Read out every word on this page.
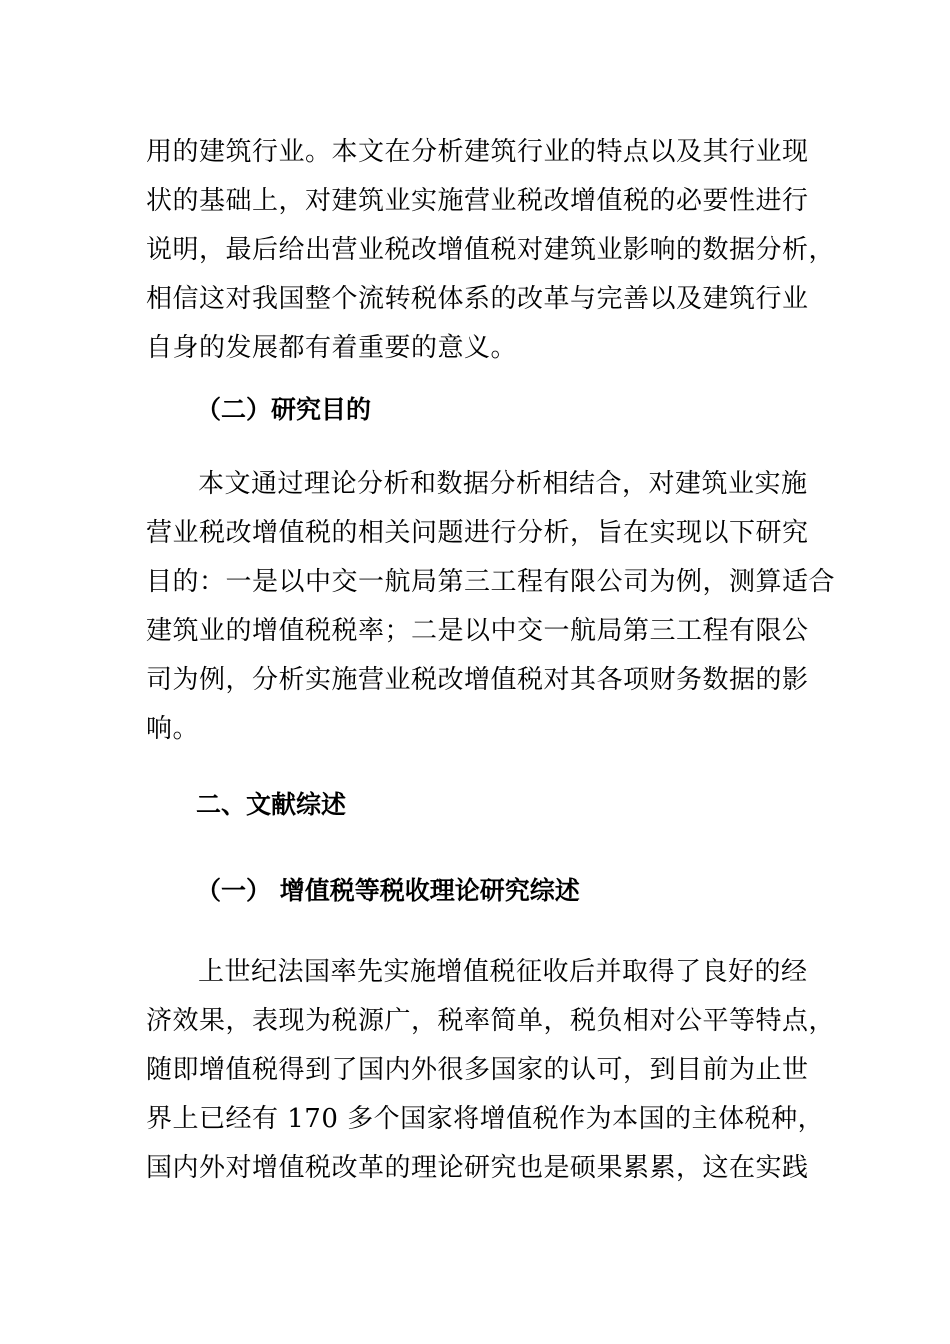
用的建筑行业。本文在分析建筑行业的特点以及其行业现
状的基础上，对建筑业实施营业税改增值税的必要性进行
说明，最后给出营业税改增值税对建筑业影响的数据分析，
相信这对我国整个流转税体系的改革与完善以及建筑行业
自身的发展都有着重要的意义。
（二）研究目的
本文通过理论分析和数据分析相结合，对建筑业实施
营业税改增值税的相关问题进行分析，旨在实现以下研究
目的：一是以中交一航局第三工程有限公司为例，测算适合
建筑业的增值税税率；二是以中交一航局第三工程有限公
司为例，分析实施营业税改增值税对其各项财务数据的影
响。
二、文献综述
（一） 增值税等税收理论研究综述
上世纪法国率先实施增值税征收后并取得了良好的经
济效果，表现为税源广，税率简单，税负相对公平等特点，
随即增值税得到了国内外很多国家的认可，到目前为止世
界上已经有 170 多个国家将增值税作为本国的主体税种，
国内外对增值税改革的理论研究也是硕果累累，这在实践
